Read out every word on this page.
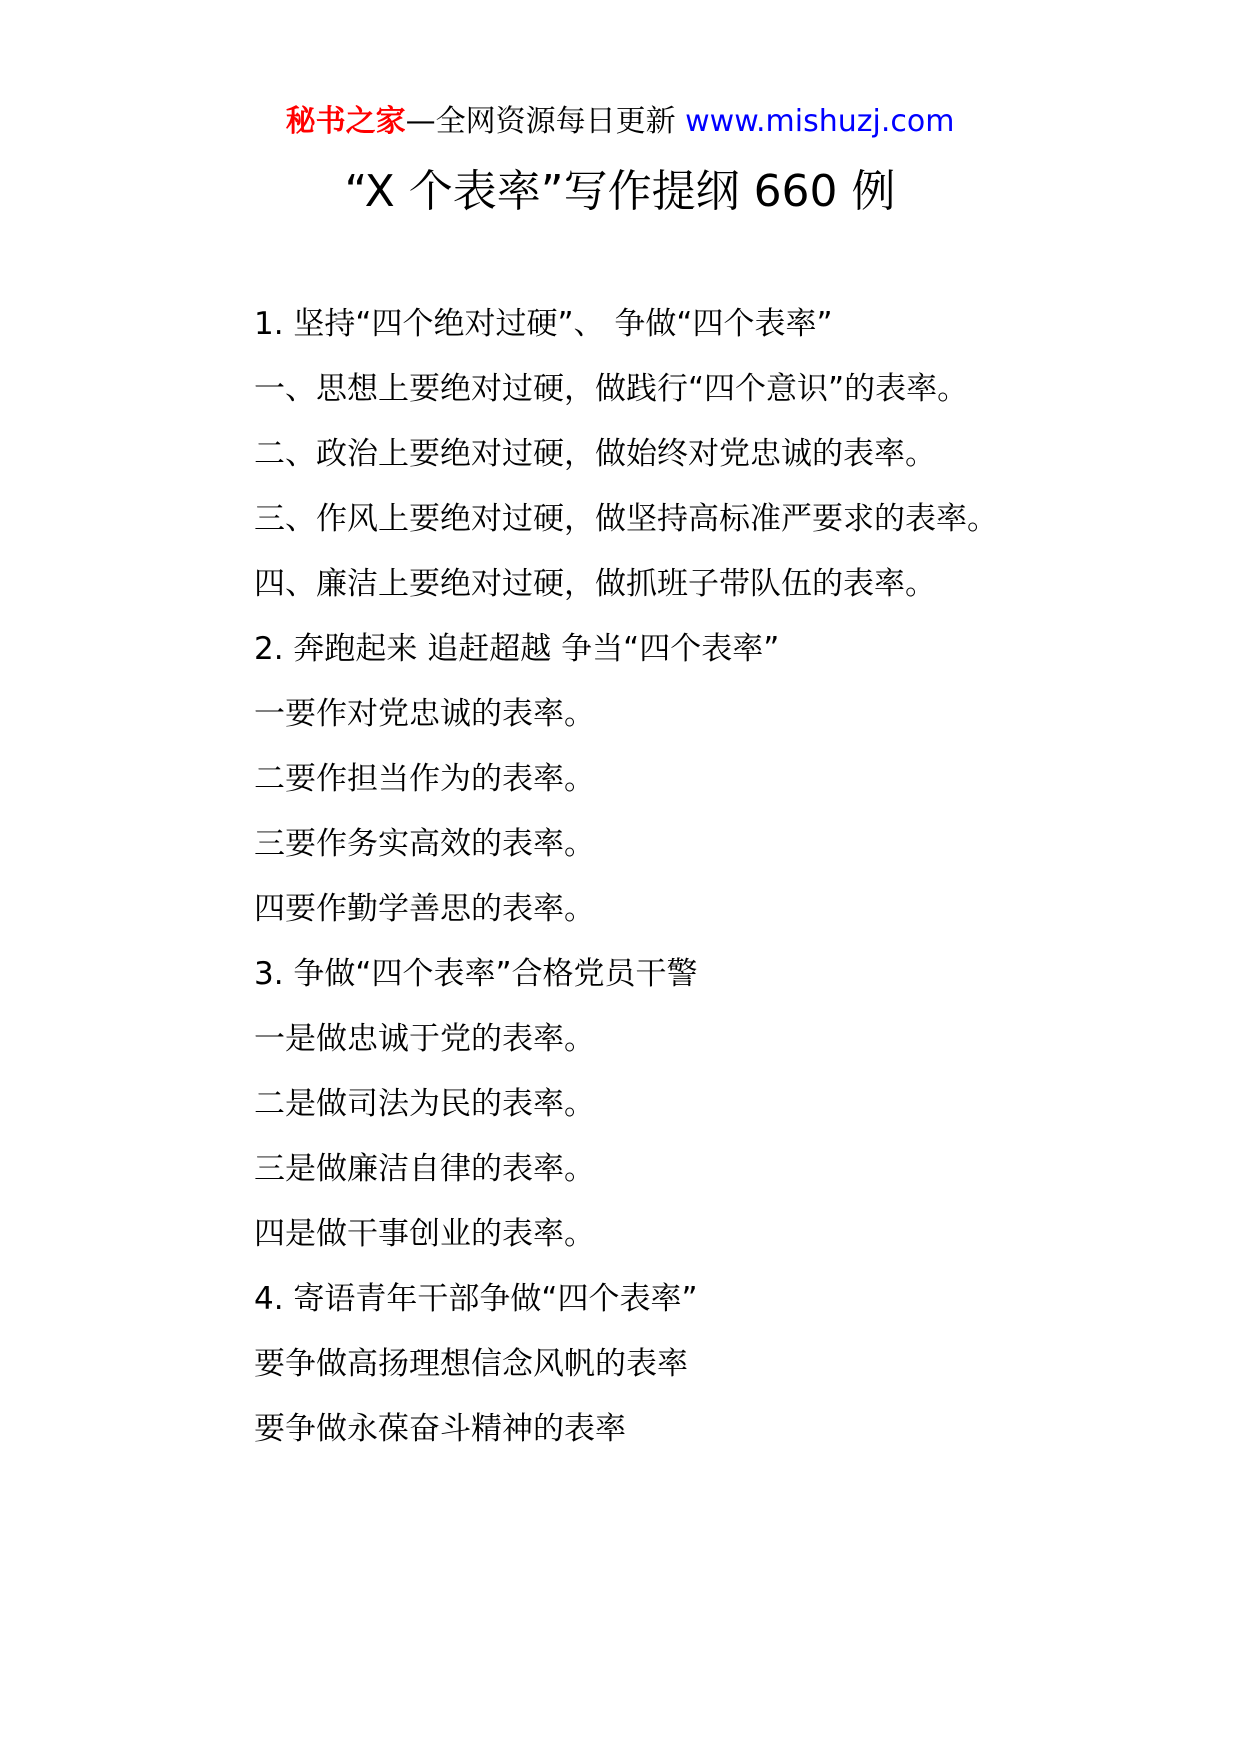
秘书之家—全网资源每日更新 www.mishuzj.com
“X 个表率”写作提纲 660 例

1. 坚持“四个绝对过硬”、 争做“四个表率”

一、思想上要绝对过硬，做践行“四个意识”的表率。

二、政治上要绝对过硬，做始终对党忠诚的表率。

三、作风上要绝对过硬，做坚持高标准严要求的表率。

四、廉洁上要绝对过硬，做抓班子带队伍的表率。

2. 奔跑起来 追赶超越 争当“四个表率”

一要作对党忠诚的表率。

二要作担当作为的表率。

三要作务实高效的表率。

四要作勤学善思的表率。

3. 争做“四个表率”合格党员干警

一是做忠诚于党的表率。

二是做司法为民的表率。

三是做廉洁自律的表率。

四是做干事创业的表率。

4. 寄语青年干部争做“四个表率”

要争做高扬理想信念风帆的表率

要争做永葆奋斗精神的表率
